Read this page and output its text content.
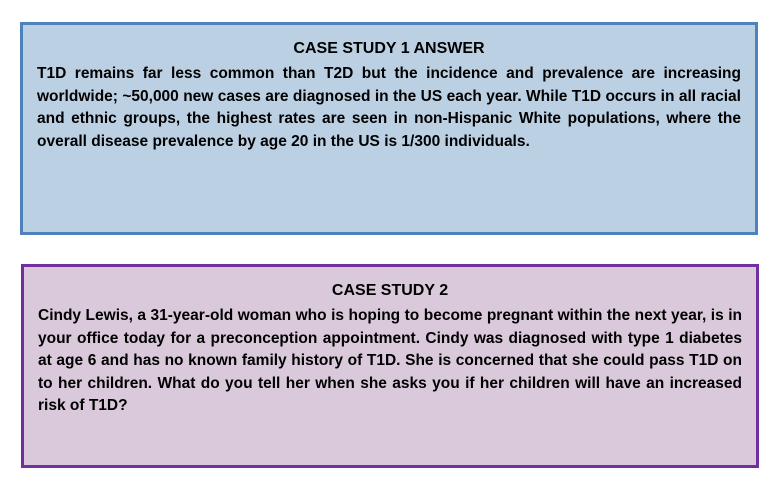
CASE STUDY 1 ANSWER

T1D remains far less common than T2D but the incidence and prevalence are increasing worldwide; ~50,000 new cases are diagnosed in the US each year. While T1D occurs in all racial and ethnic groups, the highest rates are seen in non-Hispanic White populations, where the overall disease prevalence by age 20 in the US is 1/300 individuals.

CASE STUDY 2

Cindy Lewis, a 31-year-old woman who is hoping to become pregnant within the next year, is in your office today for a preconception appointment. Cindy was diagnosed with type 1 diabetes at age 6 and has no known family history of T1D. She is concerned that she could pass T1D on to her children. What do you tell her when she asks you if her children will have an increased risk of T1D?
